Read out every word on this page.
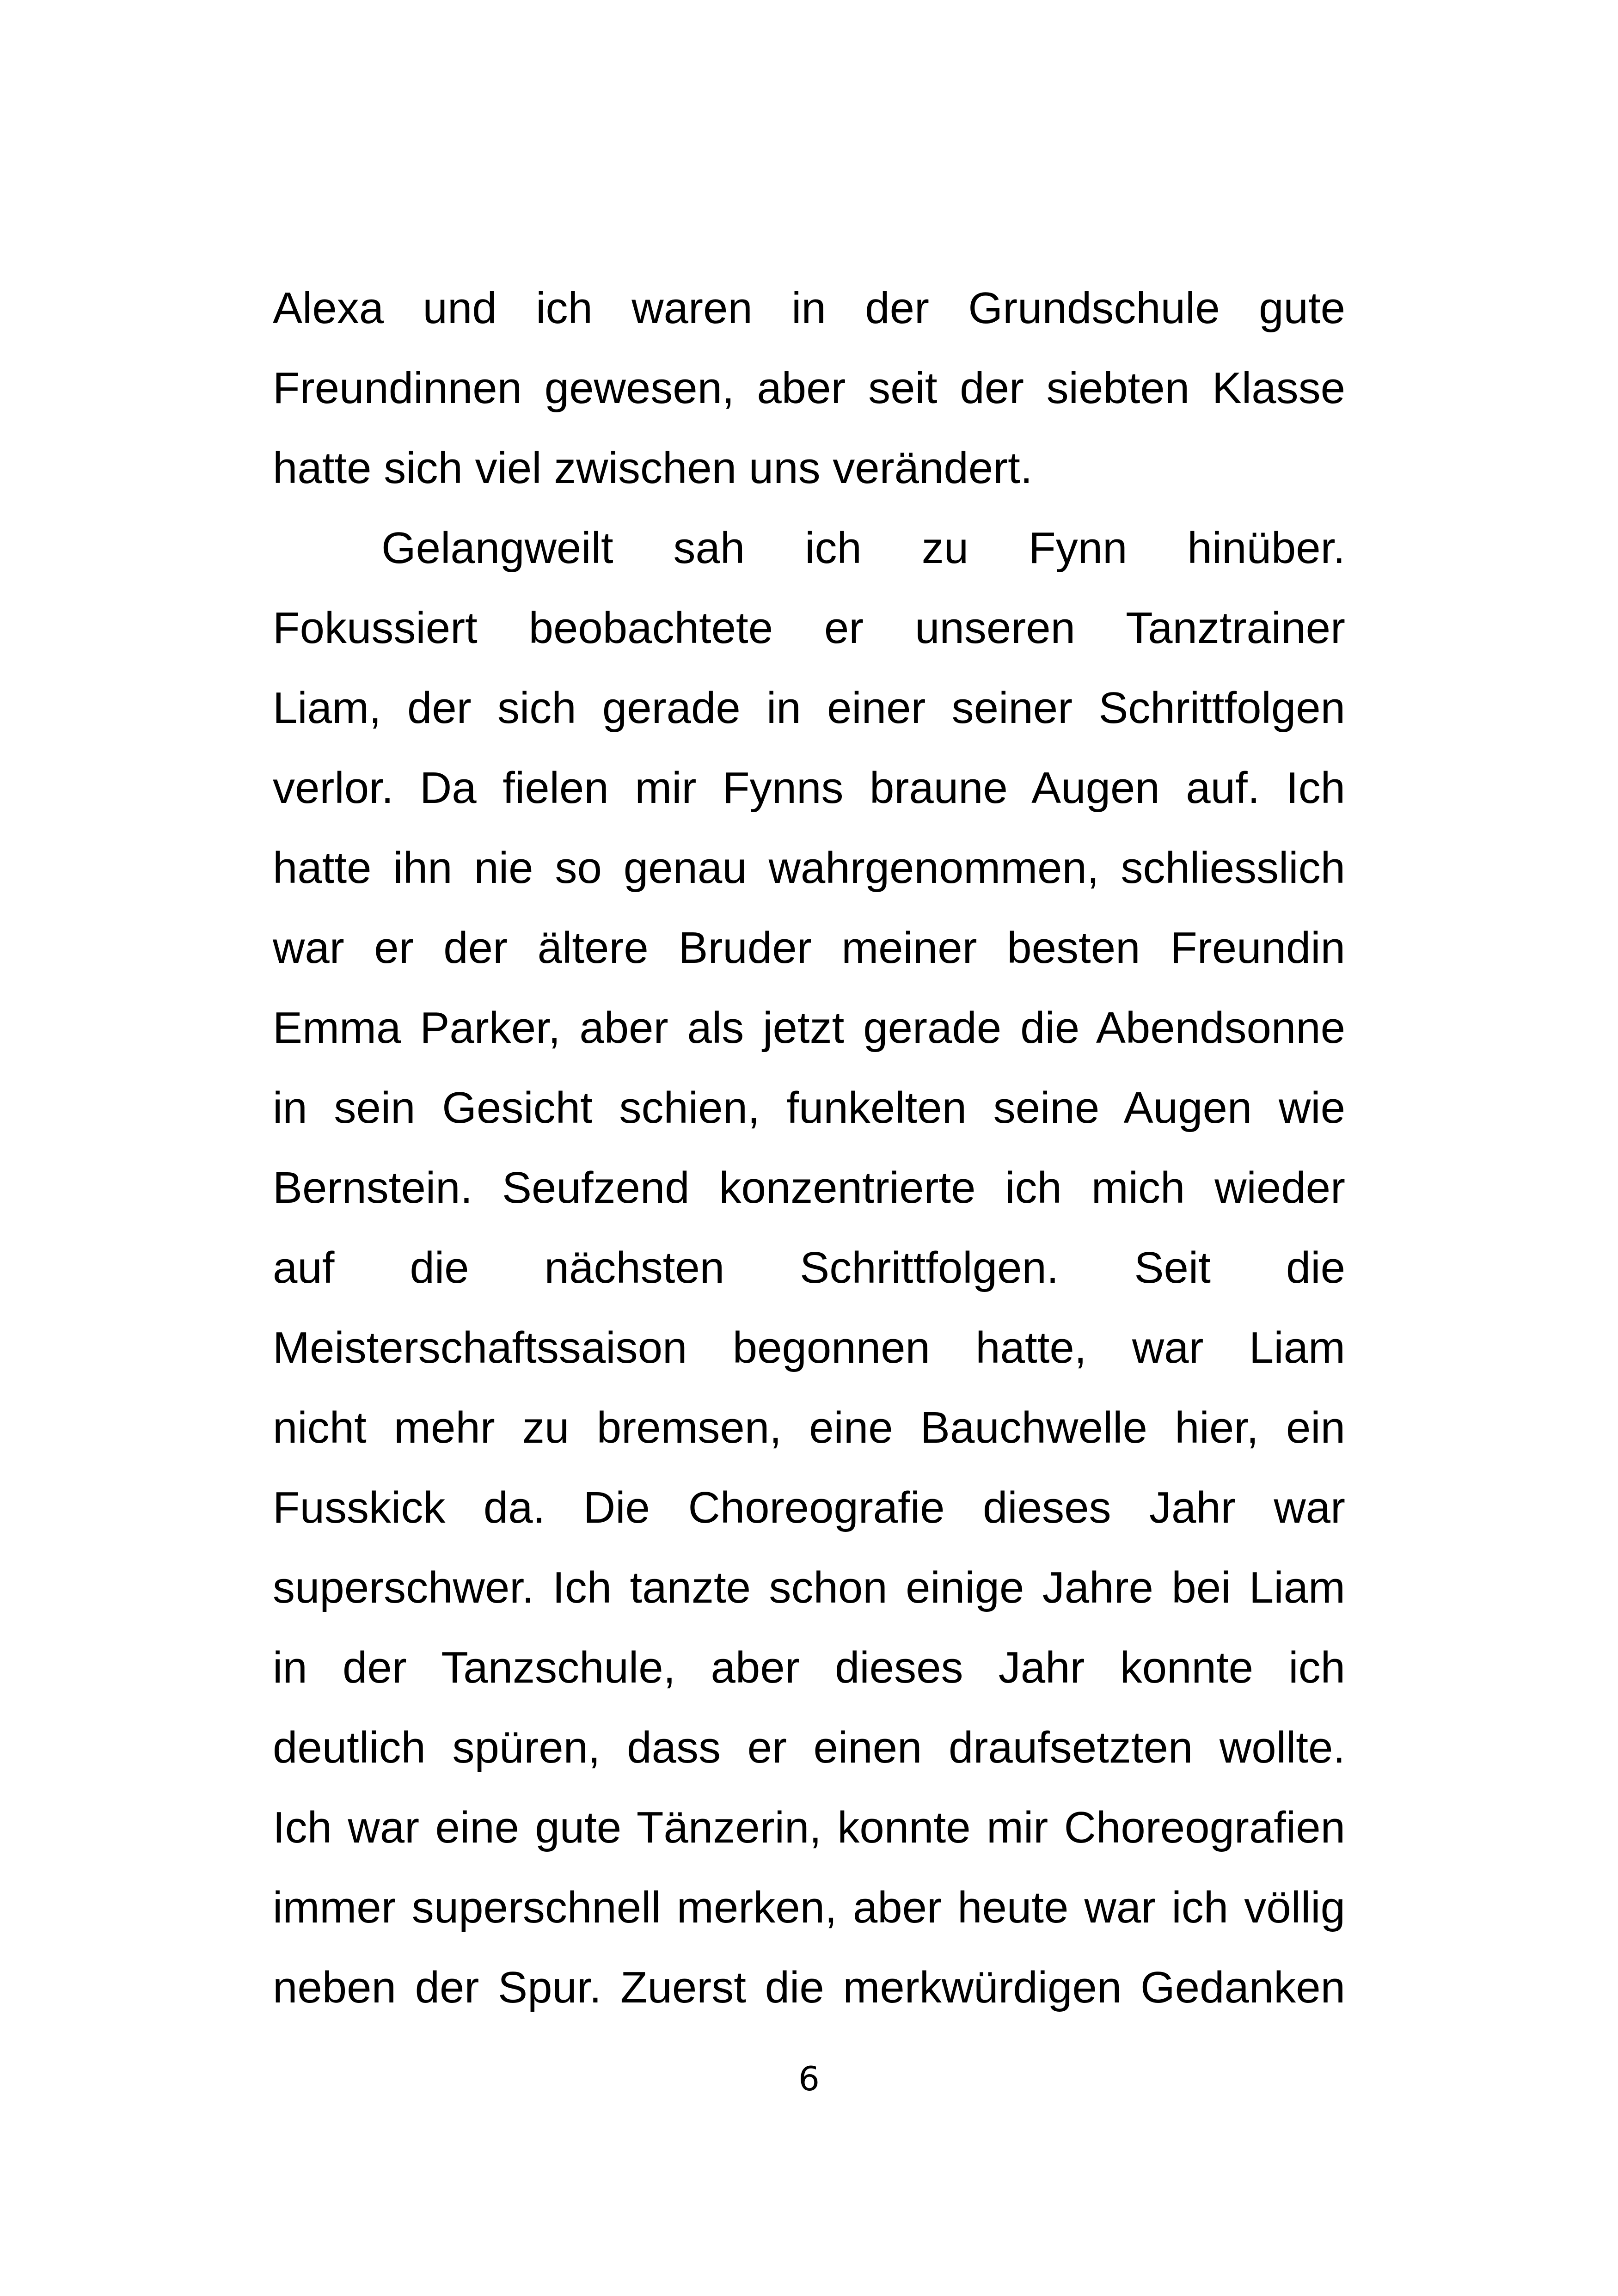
Alexa und ich waren in der Grundschule gute
Freundinnen gewesen, aber seit der siebten Klasse
hatte sich viel zwischen uns verändert.
Gelangweilt sah ich zu Fynn hinüber.
Fokussiert beobachtete er unseren Tanztrainer
Liam, der sich gerade in einer seiner Schrittfolgen
verlor. Da fielen mir Fynns braune Augen auf. Ich
hatte ihn nie so genau wahrgenommen, schliesslich
war er der ältere Bruder meiner besten Freundin
Emma Parker, aber als jetzt gerade die Abendsonne
in sein Gesicht schien, funkelten seine Augen wie
Bernstein. Seufzend konzentrierte ich mich wieder
auf die nächsten Schrittfolgen. Seit die
Meisterschaftssaison begonnen hatte, war Liam
nicht mehr zu bremsen, eine Bauchwelle hier, ein
Fusskick da. Die Choreografie dieses Jahr war
superschwer. Ich tanzte schon einige Jahre bei Liam
in der Tanzschule, aber dieses Jahr konnte ich
deutlich spüren, dass er einen draufsetzten wollte.
Ich war eine gute Tänzerin, konnte mir Choreografien
immer superschnell merken, aber heute war ich völlig
neben der Spur. Zuerst die merkwürdigen Gedanken
6
